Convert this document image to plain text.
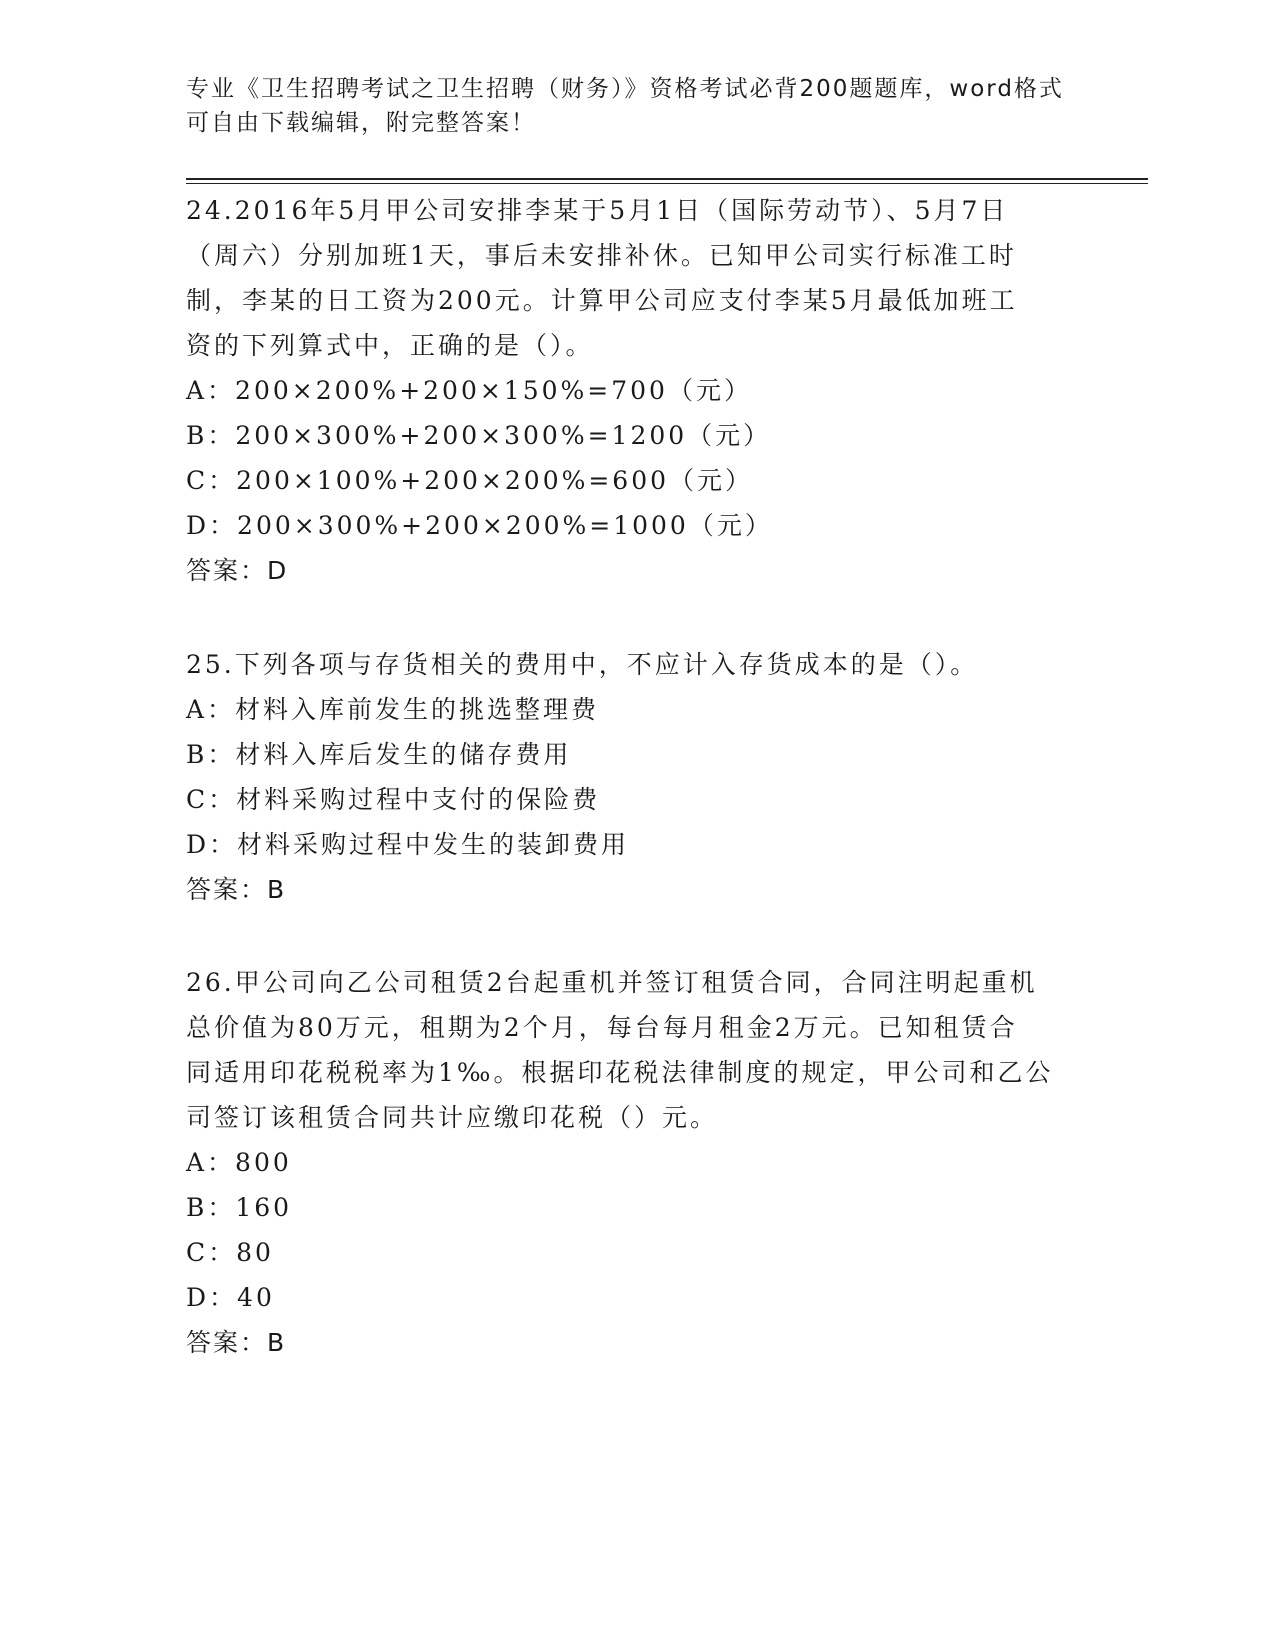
专业《卫生招聘考试之卫生招聘（财务）》资格考试必背200题题库，word格式
可自由下载编辑，附完整答案！
24.2016年5月甲公司安排李某于5月1日（国际劳动节）、5月7日
（周六）分别加班1天，事后未安排补休。已知甲公司实行标准工时
制，李某的日工资为200元。计算甲公司应支付李某5月最低加班工
资的下列算式中，正确的是（）。
A：200×200%+200×150%=700（元）
B：200×300%+200×300%=1200（元）
C：200×100%+200×200%=600（元）
D：200×300%+200×200%=1000（元）
答案：D
25.下列各项与存货相关的费用中，不应计入存货成本的是（）。
A：材料入库前发生的挑选整理费
B：材料入库后发生的储存费用
C：材料采购过程中支付的保险费
D：材料采购过程中发生的装卸费用
答案：B
26.甲公司向乙公司租赁2台起重机并签订租赁合同，合同注明起重机
总价值为80万元，租期为2个月，每台每月租金2万元。已知租赁合
同适用印花税税率为1‰。根据印花税法律制度的规定，甲公司和乙公
司签订该租赁合同共计应缴印花税（）元。
A：800
B：160
C：80
D：40
答案：B
